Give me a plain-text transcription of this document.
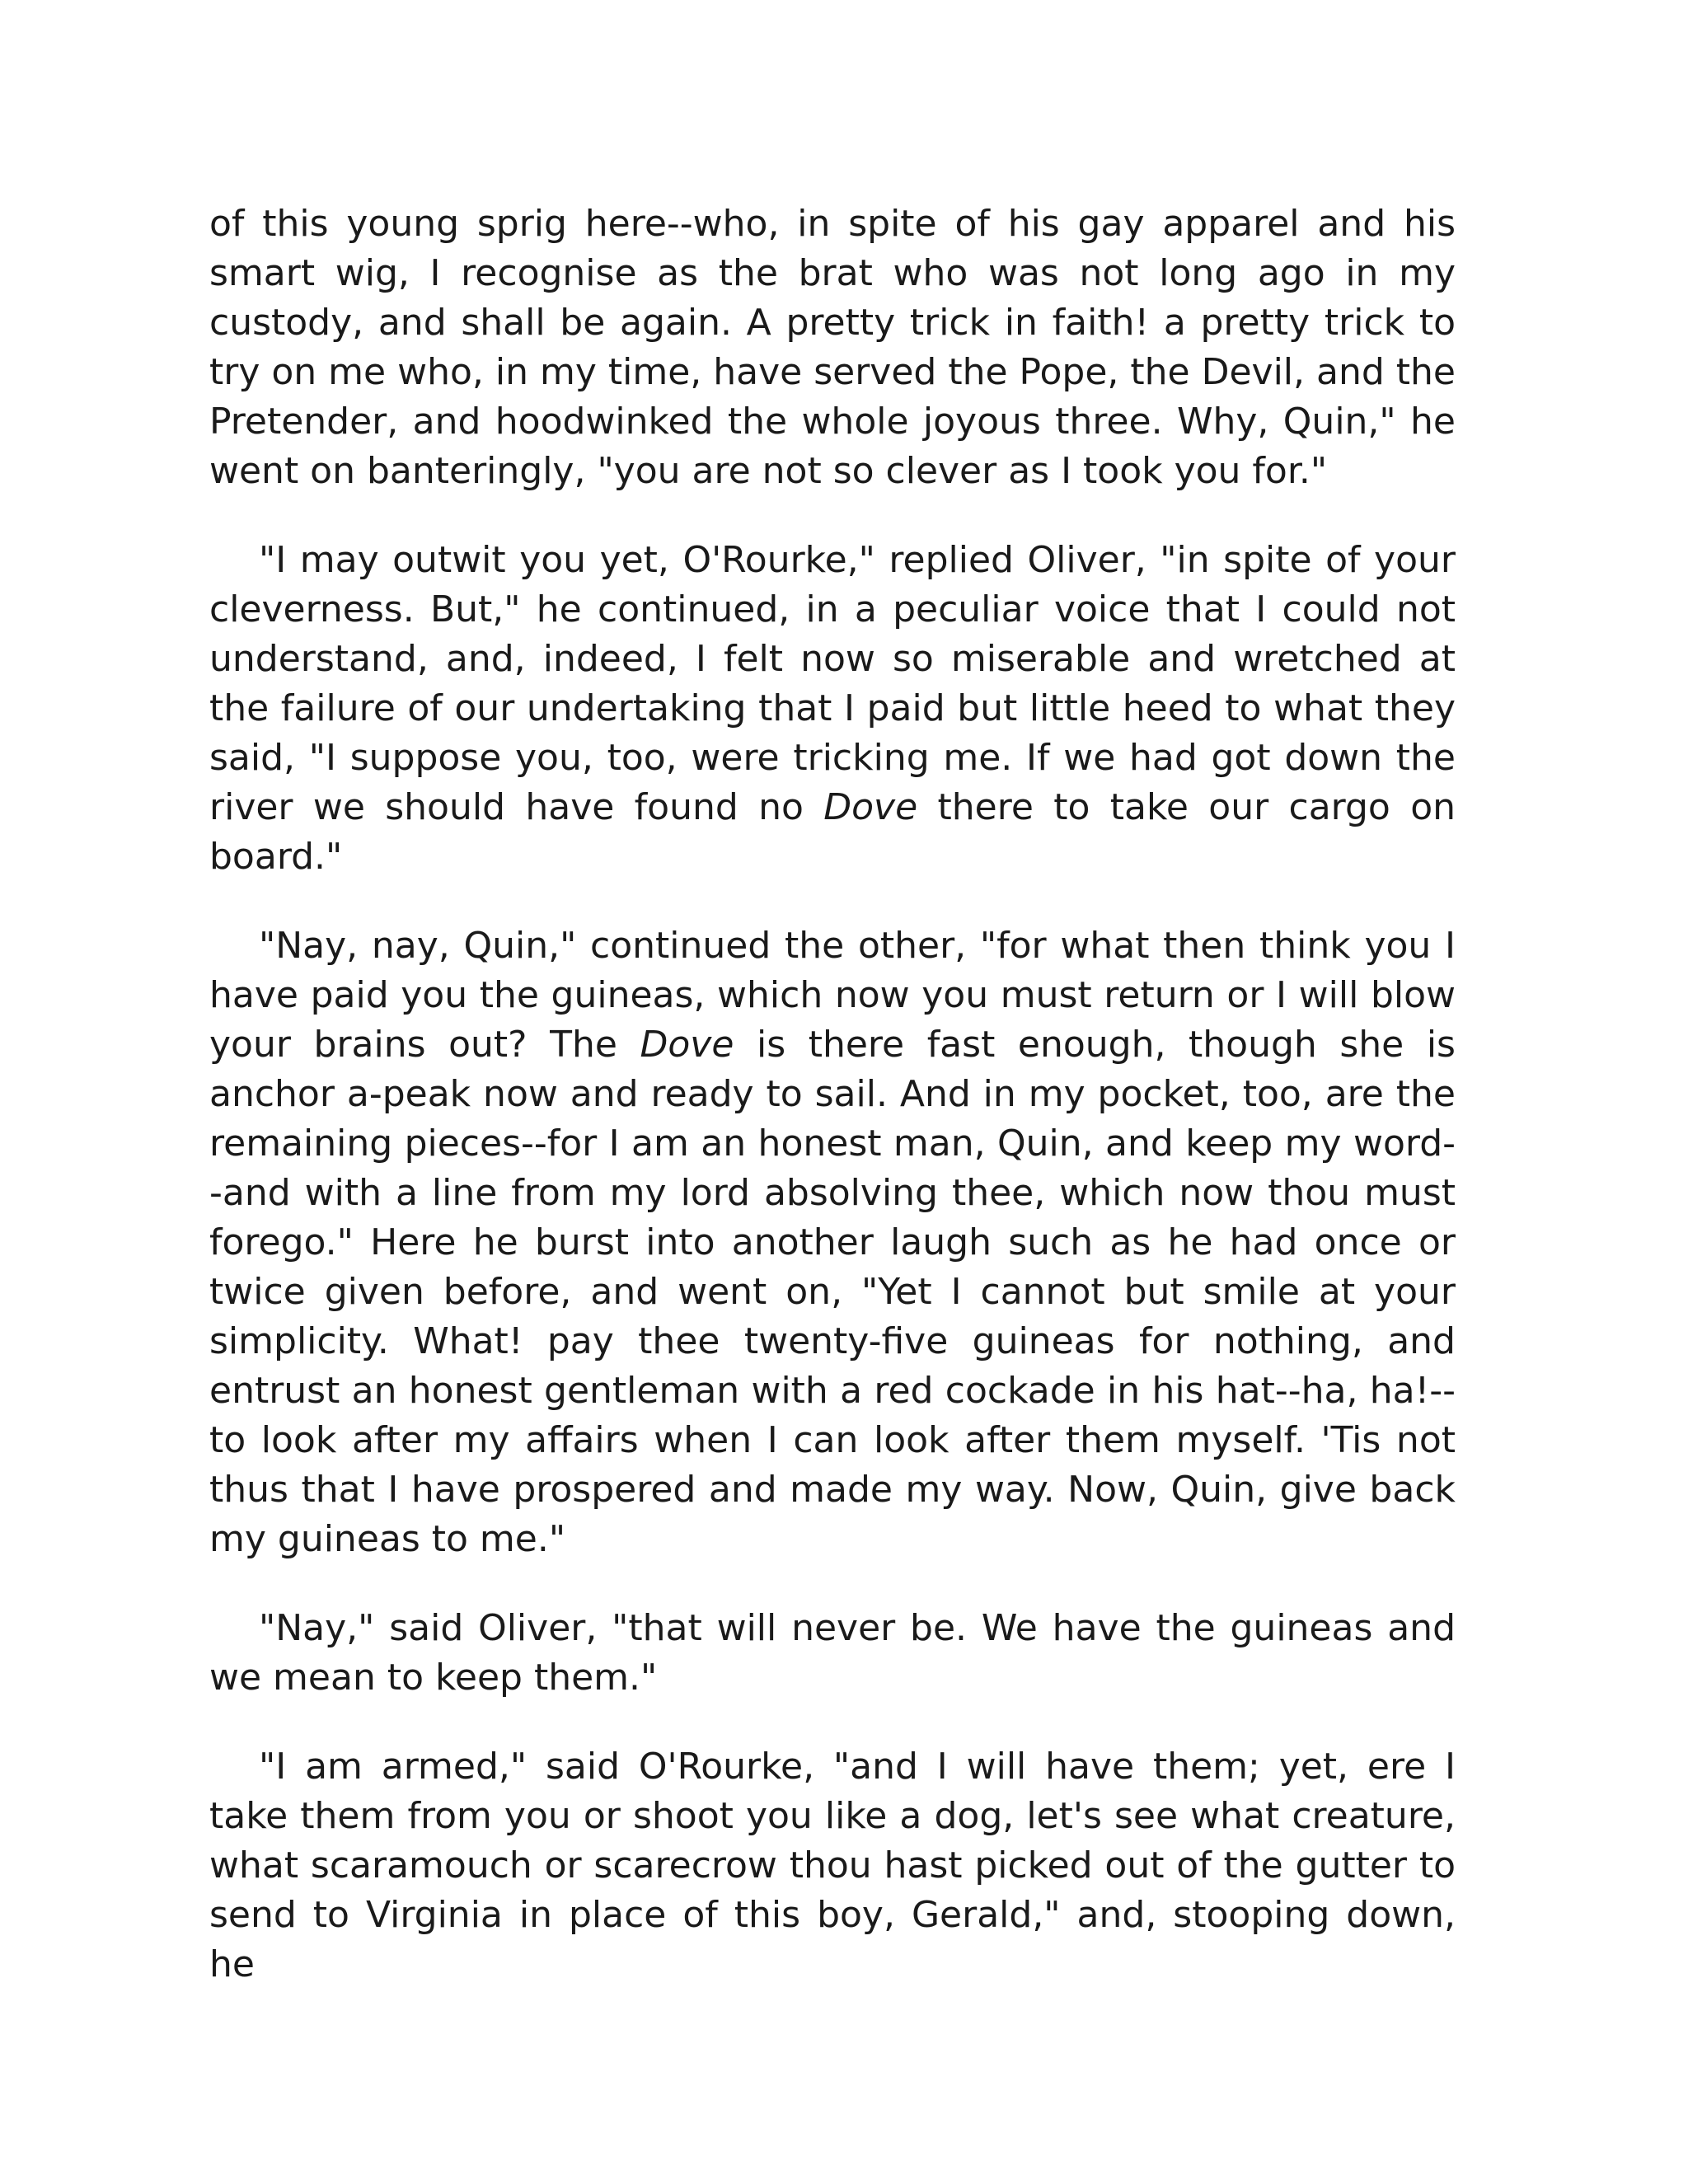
of this young sprig here--who, in spite of his gay apparel and his smart wig, I recognise as the brat who was not long ago in my custody, and shall be again. A pretty trick in faith! a pretty trick to try on me who, in my time, have served the Pope, the Devil, and the Pretender, and hoodwinked the whole joyous three. Why, Quin," he went on banteringly, "you are not so clever as I took you for."

"I may outwit you yet, O'Rourke," replied Oliver, "in spite of your cleverness. But," he continued, in a peculiar voice that I could not understand, and, indeed, I felt now so miserable and wretched at the failure of our undertaking that I paid but little heed to what they said, "I suppose you, too, were tricking me. If we had got down the river we should have found no Dove there to take our cargo on board."

"Nay, nay, Quin," continued the other, "for what then think you I have paid you the guineas, which now you must return or I will blow your brains out? The Dove is there fast enough, though she is anchor a-peak now and ready to sail. And in my pocket, too, are the remaining pieces--for I am an honest man, Quin, and keep my word--and with a line from my lord absolving thee, which now thou must forego." Here he burst into another laugh such as he had once or twice given before, and went on, "Yet I cannot but smile at your simplicity. What! pay thee twenty-five guineas for nothing, and entrust an honest gentleman with a red cockade in his hat--ha, ha!--to look after my affairs when I can look after them myself. 'Tis not thus that I have prospered and made my way. Now, Quin, give back my guineas to me."

"Nay," said Oliver, "that will never be. We have the guineas and we mean to keep them."

"I am armed," said O'Rourke, "and I will have them; yet, ere I take them from you or shoot you like a dog, let's see what creature, what scaramouch or scarecrow thou hast picked out of the gutter to send to Virginia in place of this boy, Gerald," and, stooping down, he
